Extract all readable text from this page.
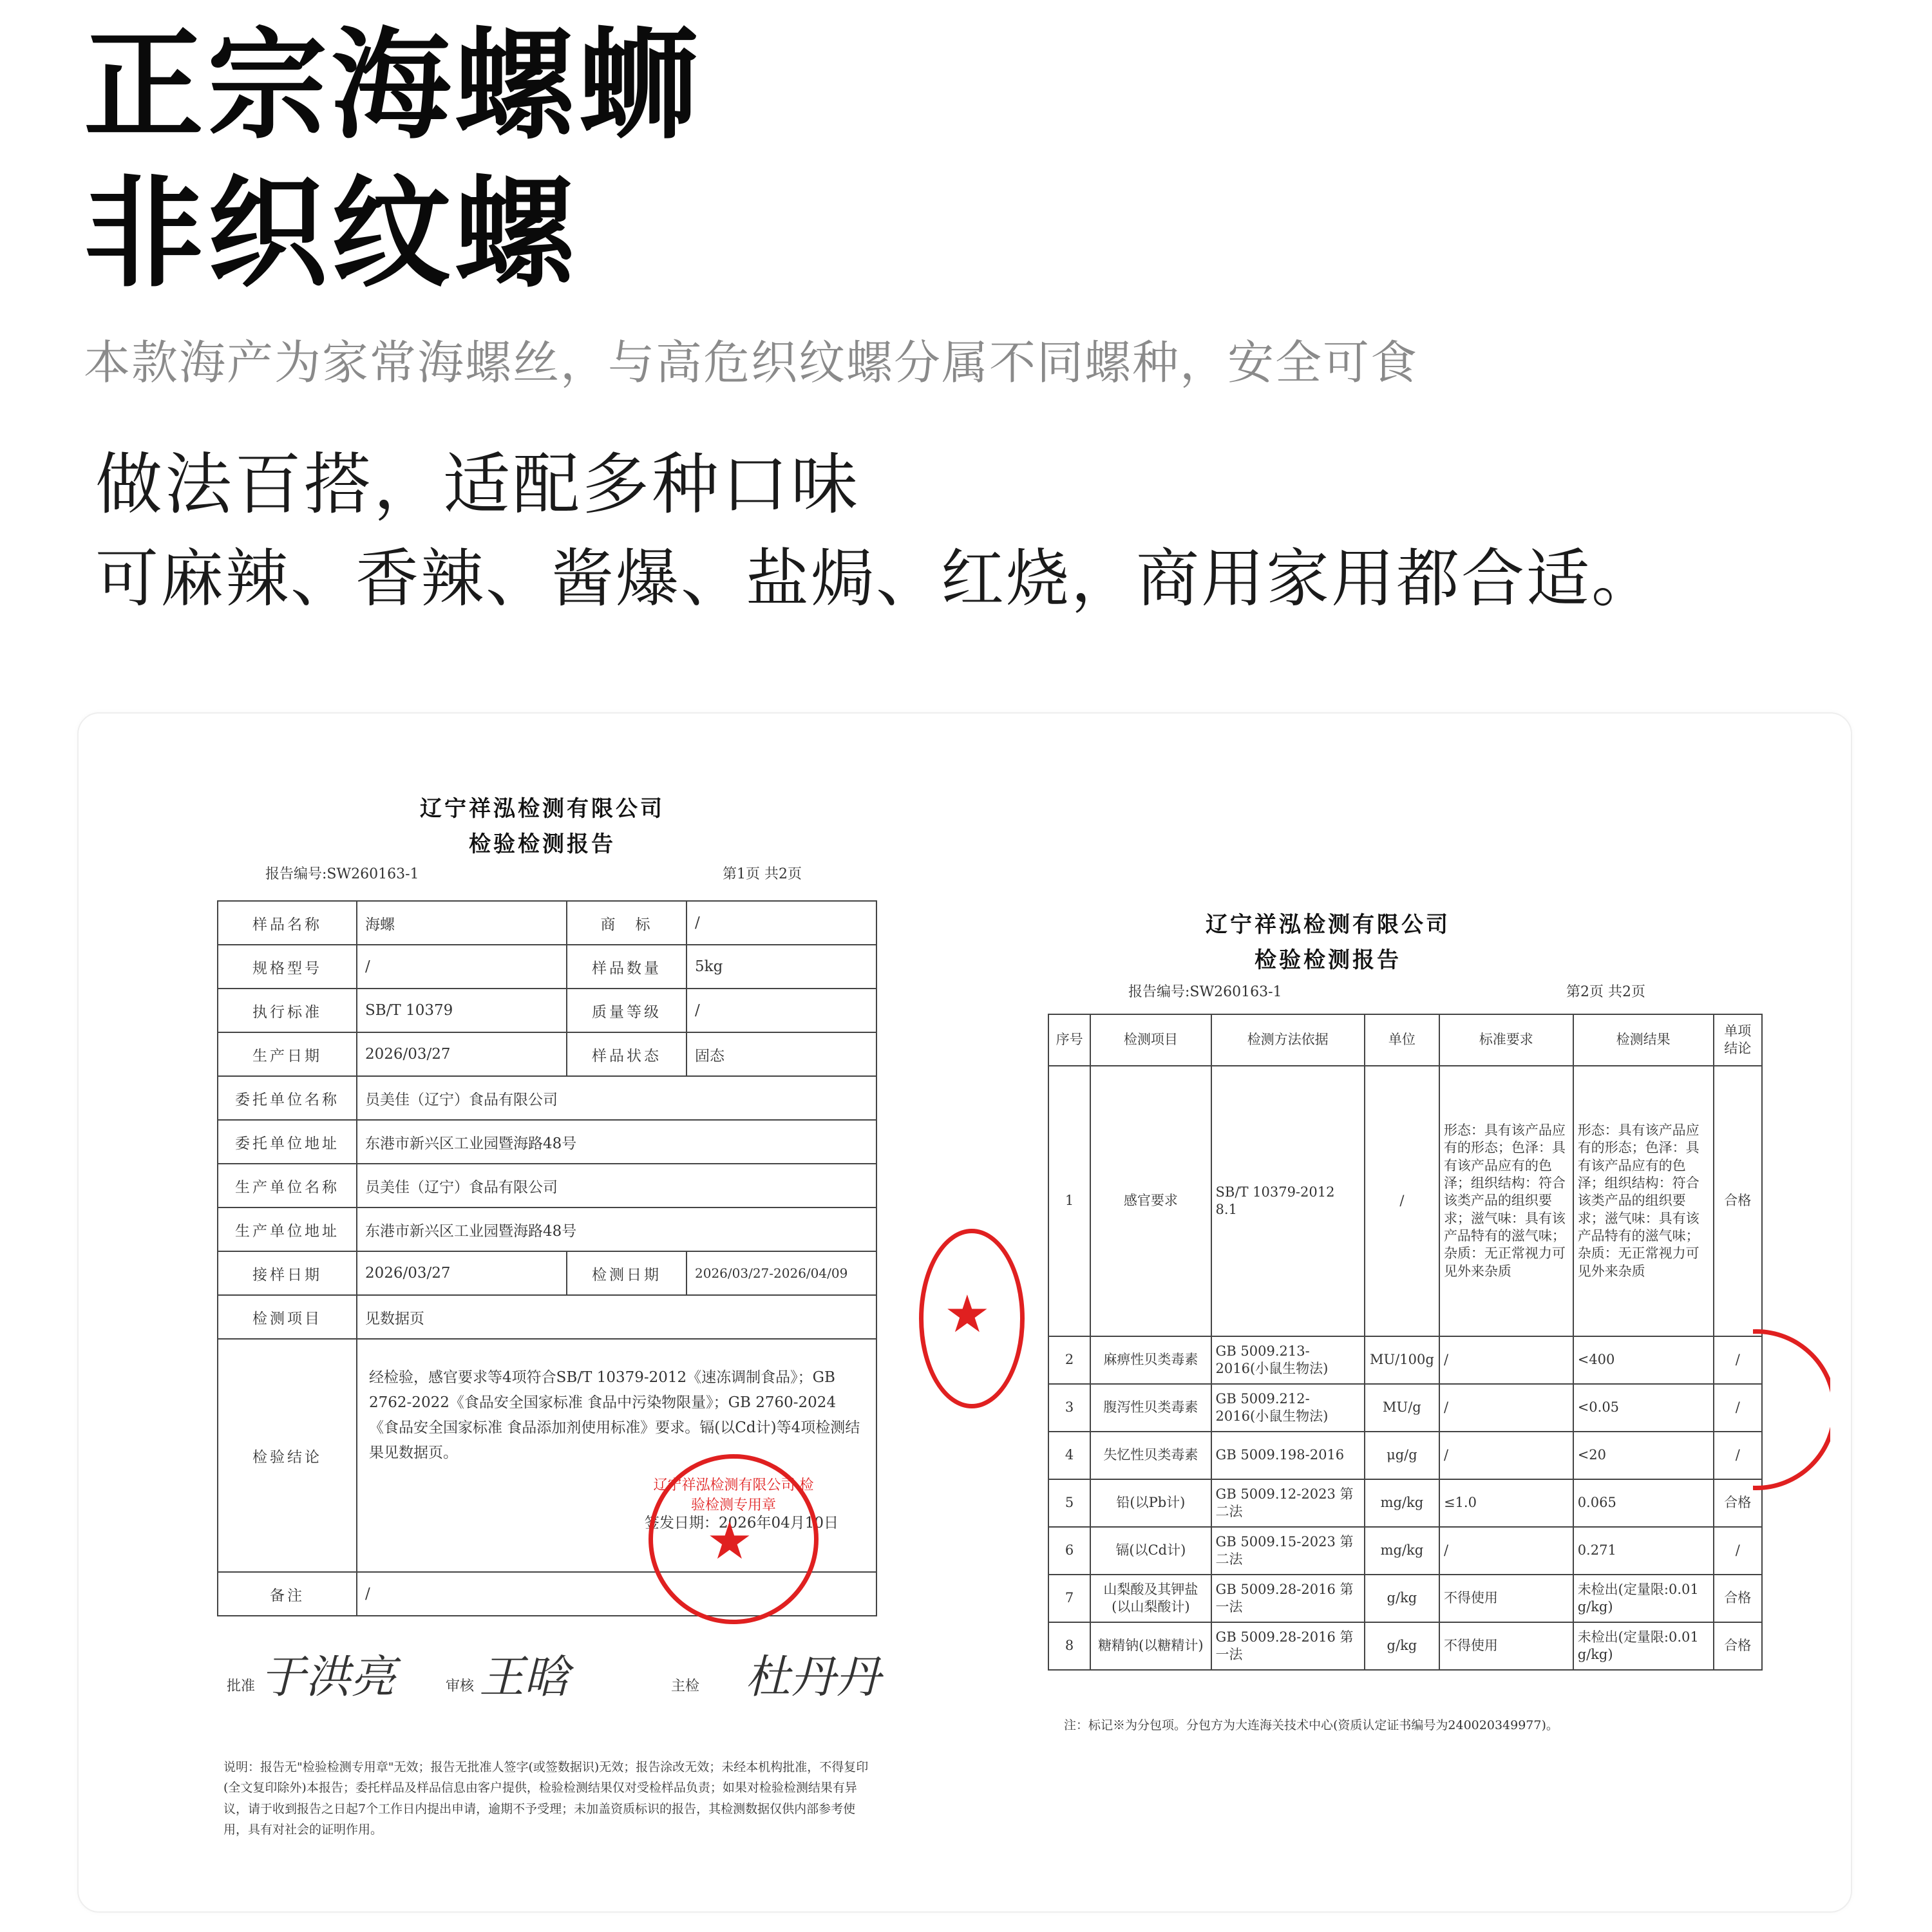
正宗海螺蛳
非织纹螺
本款海产为家常海螺丝，与高危织纹螺分属不同螺种，安全可食
做法百搭，适配多种口味
可麻辣、香辣、酱爆、盐焗、红烧，商用家用都合适。
辽宁祥泓检测有限公司
检验检测报告
报告编号:SW260163-1	第1页 共2页
样品名称	海螺	商　标	/
规格型号	/	样品数量	5kg
执行标准	SB/T 10379	质量等级	/
生产日期	2026/03/27	样品状态	固态
委托单位名称	员美佳（辽宁）食品有限公司		
委托单位地址	东港市新兴区工业园暨海路48号		
生产单位名称	员美佳（辽宁）食品有限公司		
生产单位地址	东港市新兴区工业园暨海路48号		
接样日期	2026/03/27	检测日期	2026/03/27-2026/04/09
检测项目	见数据页		
检验结论	经检验，感官要求等4项符合SB/T 10379-2012《速冻调制食品》；GB 2762-2022《食品安全国家标准 食品中污染物限量》；GB 2760-2024《食品安全国家标准 食品添加剂使用标准》要求。镉(以Cd计)等4项检测结果见数据页。
签发日期：2026年04月10日		

备注	/		
辽宁祥泓检测有限公司 检验检测专用章
★
批准 于洪亮	审核 王晗	主检 杜丹丹
说明：报告无"检验检测专用章"无效；报告无批准人签字(或签数据识)无效；报告涂改无效；未经本机构批准，不得复印(全文复印除外)本报告；委托样品及样品信息由客户提供，检验检测结果仅对受检样品负责；如果对检验检测结果有异议，请于收到报告之日起7个工作日内提出申请，逾期不予受理；未加盖资质标识的报告，其检测数据仅供内部参考使用，具有对社会的证明作用。
★
辽宁祥泓检测有限公司
检验检测报告
报告编号:SW260163-1	第2页 共2页
序号	检测项目	检测方法依据	单位	标准要求	检测结果	单项结论
1	感官要求	SB/T 10379-2012 8.1	/	形态：具有该产品应有的形态；色泽：具有该产品应有的色泽；组织结构：符合该类产品的组织要求；滋气味：具有该产品特有的滋气味；杂质：无正常视力可见外来杂质	形态：具有该产品应有的形态；色泽：具有该产品应有的色泽；组织结构：符合该类产品的组织要求；滋气味：具有该产品特有的滋气味；杂质：无正常视力可见外来杂质	合格
2	麻痹性贝类毒素	GB 5009.213-2016(小鼠生物法)	MU/100g	/	<400	/
3	腹泻性贝类毒素	GB 5009.212-2016(小鼠生物法)	MU/g	/	<0.05	/
4	失忆性贝类毒素	GB 5009.198-2016	μg/g	/	<20	/
5	铅(以Pb计)	GB 5009.12-2023 第二法	mg/kg	≤1.0	0.065	合格
6	镉(以Cd计)	GB 5009.15-2023 第二法	mg/kg	/	0.271	/
7	山梨酸及其钾盐(以山梨酸计)	GB 5009.28-2016 第一法	g/kg	不得使用	未检出(定量限:0.01 g/kg)	合格
8	糖精钠(以糖精计)	GB 5009.28-2016 第一法	g/kg	不得使用	未检出(定量限:0.01 g/kg)	合格
注：标记※为分包项。分包方为大连海关技术中心(资质认定证书编号为240020349977)。
